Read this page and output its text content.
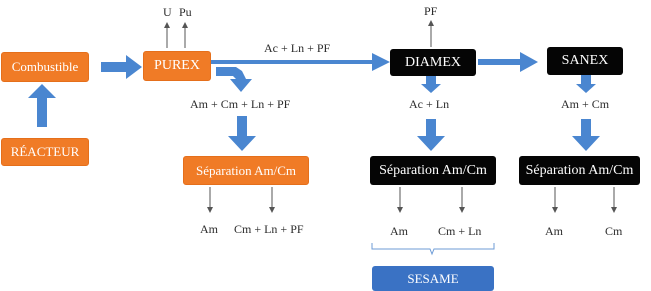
Combustible
RÉACTEUR
PUREX	DIAMEX	SANEX
Séparation Am/Cm	Séparation Am/Cm	Séparation Am/Cm
SESAME
U Pu	PF
Ac + Ln + PF
Am + Cm + Ln + PF	Ac + Ln	Am + Cm
Am Cm + Ln + PF	Am	Cm + Ln	Am	Cm
